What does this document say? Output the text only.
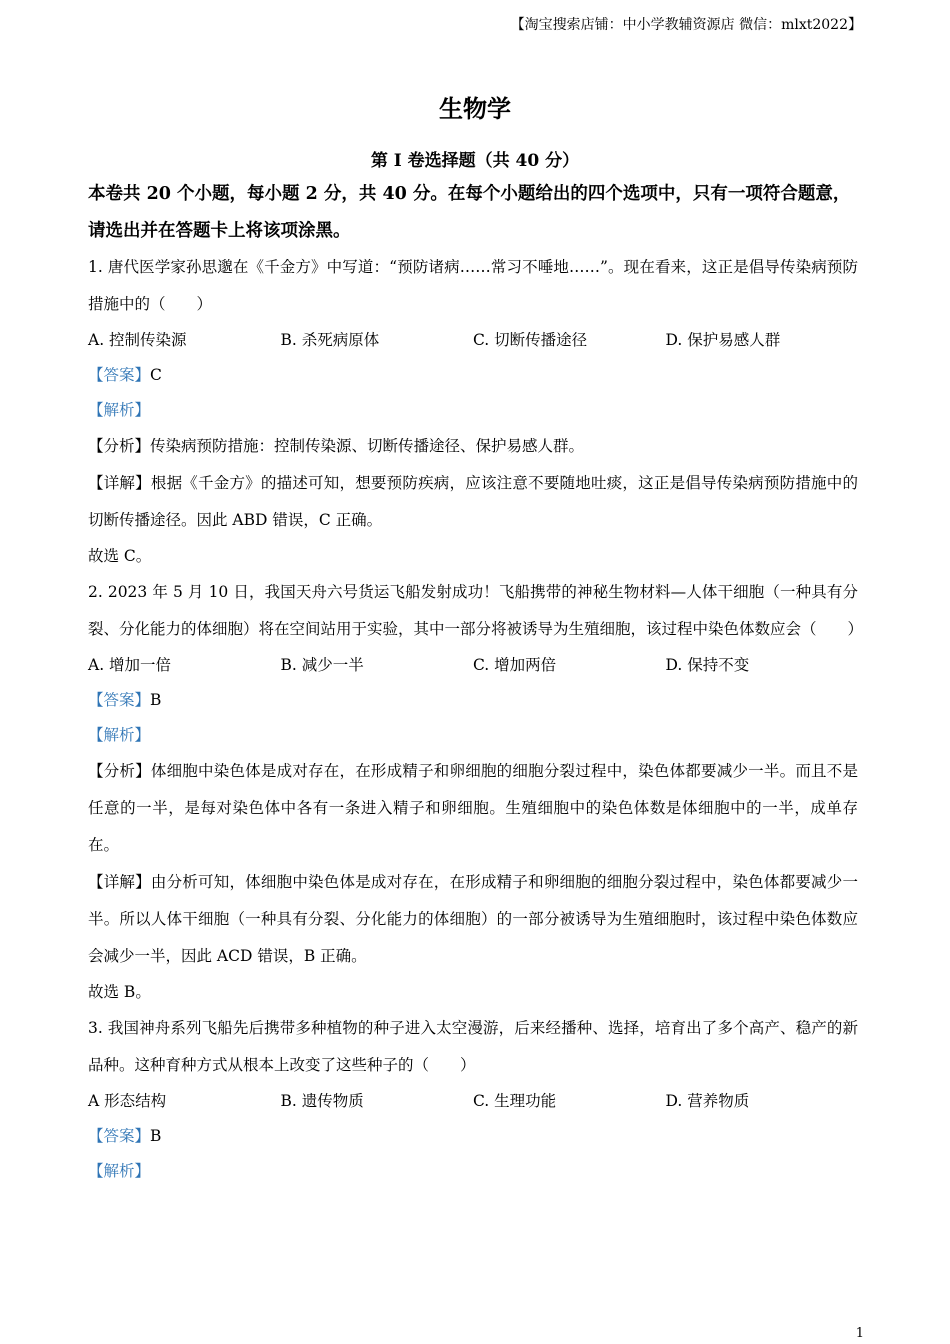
【淘宝搜索店铺：中小学教辅资源店 微信：mlxt2022】
生物学
第 I 卷选择题（共 40 分）
本卷共 20 个小题，每小题 2 分，共 40 分。在每个小题给出的四个选项中，只有一项符合题意，请选出并在答题卡上将该项涂黑。
1. 唐代医学家孙思邈在《千金方》中写道：“预防诸病……常习不唾地……”。现在看来，这正是倡导传染病预防措施中的（　　）
A. 控制传染源	B. 杀死病原体	C. 切断传播途径	D. 保护易感人群
【答案】C
【解析】
【分析】传染病预防措施：控制传染源、切断传播途径、保护易感人群。
【详解】根据《千金方》的描述可知，想要预防疾病，应该注意不要随地吐痰，这正是倡导传染病预防措施中的切断传播途径。因此 ABD 错误，C 正确。
故选 C。
2. 2023 年 5 月 10 日，我国天舟六号货运飞船发射成功！飞船携带的神秘生物材料—人体干细胞（一种具有分裂、分化能力的体细胞）将在空间站用于实验，其中一部分将被诱导为生殖细胞，该过程中染色体数应会（　　）
A. 增加一倍	B. 减少一半	C. 增加两倍	D. 保持不变
【答案】B
【解析】
【分析】体细胞中染色体是成对存在，在形成精子和卵细胞的细胞分裂过程中，染色体都要减少一半。而且不是任意的一半，是每对染色体中各有一条进入精子和卵细胞。生殖细胞中的染色体数是体细胞中的一半，成单存在。
【详解】由分析可知，体细胞中染色体是成对存在，在形成精子和卵细胞的细胞分裂过程中，染色体都要减少一半。所以人体干细胞（一种具有分裂、分化能力的体细胞）的一部分被诱导为生殖细胞时，该过程中染色体数应会减少一半，因此 ACD 错误，B 正确。
故选 B。
3. 我国神舟系列飞船先后携带多种植物的种子进入太空漫游，后来经播种、选择，培育出了多个高产、稳产的新品种。这种育种方式从根本上改变了这些种子的（　　）
A 形态结构	B. 遗传物质	C. 生理功能	D. 营养物质
【答案】B
【解析】
1
